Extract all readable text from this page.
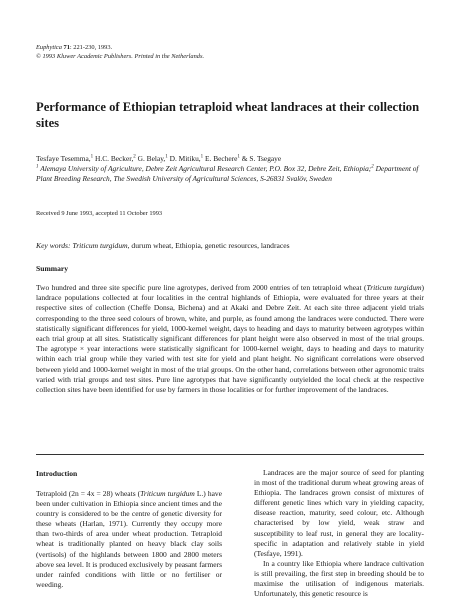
Euphytica 71: 221-230, 1993.
© 1993 Kluwer Academic Publishers. Printed in the Netherlands.
Performance of Ethiopian tetraploid wheat landraces at their collection sites
Tesfaye Tesemma,$^1$ H.C. Becker,$^2$ G. Belay,$^1$ D. Mitiku,$^1$ E. Bechere$^1$ & S. Tsegaye
$^1$ Alemaya University of Agriculture, Debre Zeit Agricultural Research Center, P.O. Box 32, Debre Zeit, Ethiopia;$^2$ Department of Plant Breeding Research, The Swedish University of Agricultural Sciences, S-26831 Svalöv, Sweden
Received 9 June 1993, accepted 11 October 1993
Key words: Triticum turgidum, durum wheat, Ethiopia, genetic resources, landraces
Summary
Two hundred and three site specific pure line agrotypes, derived from 2000 entries of ten tetraploid wheat (Triticum turgidum) landrace populations collected at four localities in the central highlands of Ethiopia, were evaluated for three years at their respective sites of collection (Cheffe Donsa, Bichena) and at Akaki and Debre Zeit. At each site three adjacent yield trials corresponding to the three seed colours of brown, white, and purple, as found among the landraces were conducted. There were statistically significant differences for yield, 1000-kernel weight, days to heading and days to maturity between agrotypes within each trial group at all sites. Statistically significant differences for plant height were also observed in most of the trial groups. The agrotype × year interactions were statistically significant for 1000-kernel weight, days to heading and days to maturity within each trial group while they varied with test site for yield and plant height. No significant correlations were observed between yield and 1000-kernel weight in most of the trial groups. On the other hand, correlations between other agronomic traits varied with trial groups and test sites. Pure line agrotypes that have significantly outyielded the local check at the respective collection sites have been identified for use by farmers in those localities or for further improvement of the landraces.
Introduction
Tetraploid (2n = 4x = 28) wheats (Triticum turgidum L.) have been under cultivation in Ethiopia since ancient times and the country is considered to be the centre of genetic diversity for these wheats (Harlan, 1971). Currently they occupy more than two-thirds of area under wheat production. Tetraploid wheat is traditionally planted on heavy black clay soils (vertisols) of the highlands between 1800 and 2800 meters above sea level. It is produced exclusively by peasant farmers under rainfed conditions with little or no fertiliser or weeding.
Landraces are the major source of seed for planting in most of the traditional durum wheat growing areas of Ethiopia. The landraces grown consist of mixtures of different genetic lines which vary in yielding capacity, disease reaction, maturity, seed colour, etc. Although characterised by low yield, weak straw and susceptibility to leaf rust, in general they are locality-specific in adaptation and relatively stable in yield (Tesfaye, 1991).
In a country like Ethiopia where landrace cultivation is still prevailing, the first step in breeding should be to maximise the utilisation of indigenous materials. Unfortunately, this genetic resource is
